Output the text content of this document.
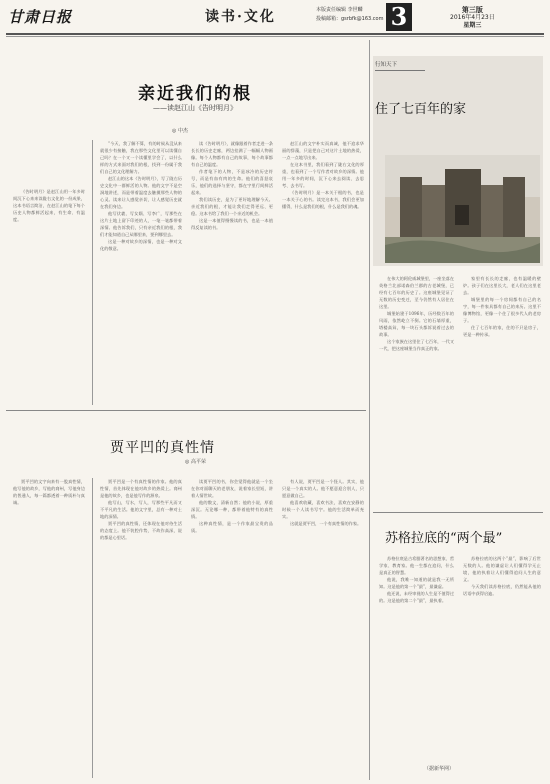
甘肃日报	读书·文化	本版责任编辑 李世麟
投稿邮箱：gsrbfk@163.com 3	第三版
2016年4月23日
星期三
亲近我们的根
——读赵江山《告时明月》
◎ 中杰

《告时明月》是赵江山用一年多时间沉下心来来读陇右文化的一份成果，这本书语言简洁，在赵江山的笔下每个历史人物都鲜活起来，有生命、有温度。

“今天，我了解不算，有的时候从没从来就很少有接触，我在那些文化里可以读懂自己吗？在一个又一个读懂里学会了，以什么样的方式来面对我们的根，找到一份属于我们自己的文化理解力。

赵江山的这本《告时明月》，写了陇右历史文化中一群鲜活的人物。他的文字不是空洞地讲述，而是带着温度去触摸那些人物的心灵。读来让人感觉亲切，让人感觉历史就在我们身边。

他写伏羲、写女娲、写李广，写那些在这片土地上留下印迹的人，一笔一笔都带着深情。他告诉我们，只有亲近我们的根，我们才能知道自己从哪里来，要到哪里去。

这是一种对故乡的深情，也是一种对文化的敬意。

读《告时明月》，就像跟着作者走进一条长长的历史走廊，两边挂满了一幅幅人物画像。每个人物都有自己的故事，每个故事都有自己的温度。

作者笔下的人物，不是冰冷的历史符号，而是有血有肉的生命。他们的喜怒哀乐，他们的选择与坚守，都在字里行间鲜活起来。

我们读历史，是为了更好地理解今天。亲近我们的根，才能让我们走得更远、更稳。这本书给了我们一个亲近的机会。

这是一本值得慢慢读的书，也是一本值得反复读的书。

赵江山的文字朴实而真诚，他不追求华丽的辞藻，只是把自己对这片土地的热爱，一点一点地写出来。

在这本书里，我们看到了陇右文化的厚重，也看到了一个写作者对故乡的深情。他用一年多的时间，沉下心来去阅读、去思考、去书写。

《告时明月》是一本关于根的书，也是一本关于心的书。读完这本书，我们会更加懂得，什么是我们的根，什么是我们的魂。

行知天下
住了七百年的家

在伟大的阿伦威城堡里，一座坐落在英格兰北部诺森伯兰郡的古老城堡，已经有七百年的历史了。这座城堡见证了无数的历史变迁，至今仍然有人居住在这里。

城堡始建于1096年，历经数百年的风雨，依然屹立不倒。它的石墙厚重，塔楼高耸，每一块石头都诉说着过去的故事。

这个家族在这里住了七百年，一代又一代，把这座城堡当作真正的家。

家里有长长的走廊，也有温暖的壁炉。孩子们在这里长大，老人们在这里老去。

城堡里的每一个房间都有自己的名字，每一件家具都有自己的来历。这里不像博物馆，更像一个住了很多代人的老房子。

住了七百年的家，住的不只是房子，更是一种传承。

贾平凹的真性情
◎ 高平荣

贾平凹的文字向来有一股真性情，他写他的故乡，写他的商州，写他身边的普通人，每一篇都透着一种质朴与真诚。

贾平凹是一个有真性情的作家。他的真性情，首先体现在他对故乡的热爱上。商州是他的故乡，也是他写作的源泉。

他写山，写水，写人，写那些平凡而又不平凡的生活。他的文字里，总有一种对土地的深情。

贾平凹的真性情，还体现在他对待生活的态度上。他不装腔作势，不故作高深，说的都是心里话。

读贾平凹的书，你会觉得他就是一个坐在你对面聊天的老朋友，说着家长里短，讲着人情世故。

他的散文，清新自然；他的小说，厚重深沉。无论哪一种，都带着他特有的真性情。

这种真性情，是一个作家最宝贵的品质。

有人说，贾平凹是一个怪人。其实，他只是一个真实的人。他不愿意迎合别人，只愿意做自己。

他喜欢收藏，喜欢书法，喜欢在安静的时候一个人读书写字。他的生活简单而充实。

这就是贾平凹，一个有真性情的作家。

苏格拉底的“两个最”

苏格拉底是古希腊著名的思想家、哲学家、教育家。他一生都在追问，什么是真正的智慧。

他说，我唯一知道的就是我一无所知。这是他的第一个“最”，最谦虚。

他还说，未经审视的人生是不值得过的。这是他的第二个“最”，最执着。

苏格拉底的这两个“最”，影响了后世无数的人。他的谦虚让人们懂得学无止境，他的执着让人们懂得追问人生的意义。

今天我们读苏格拉底，仍然能从他的话语中获得启迪。

（据新华网）
